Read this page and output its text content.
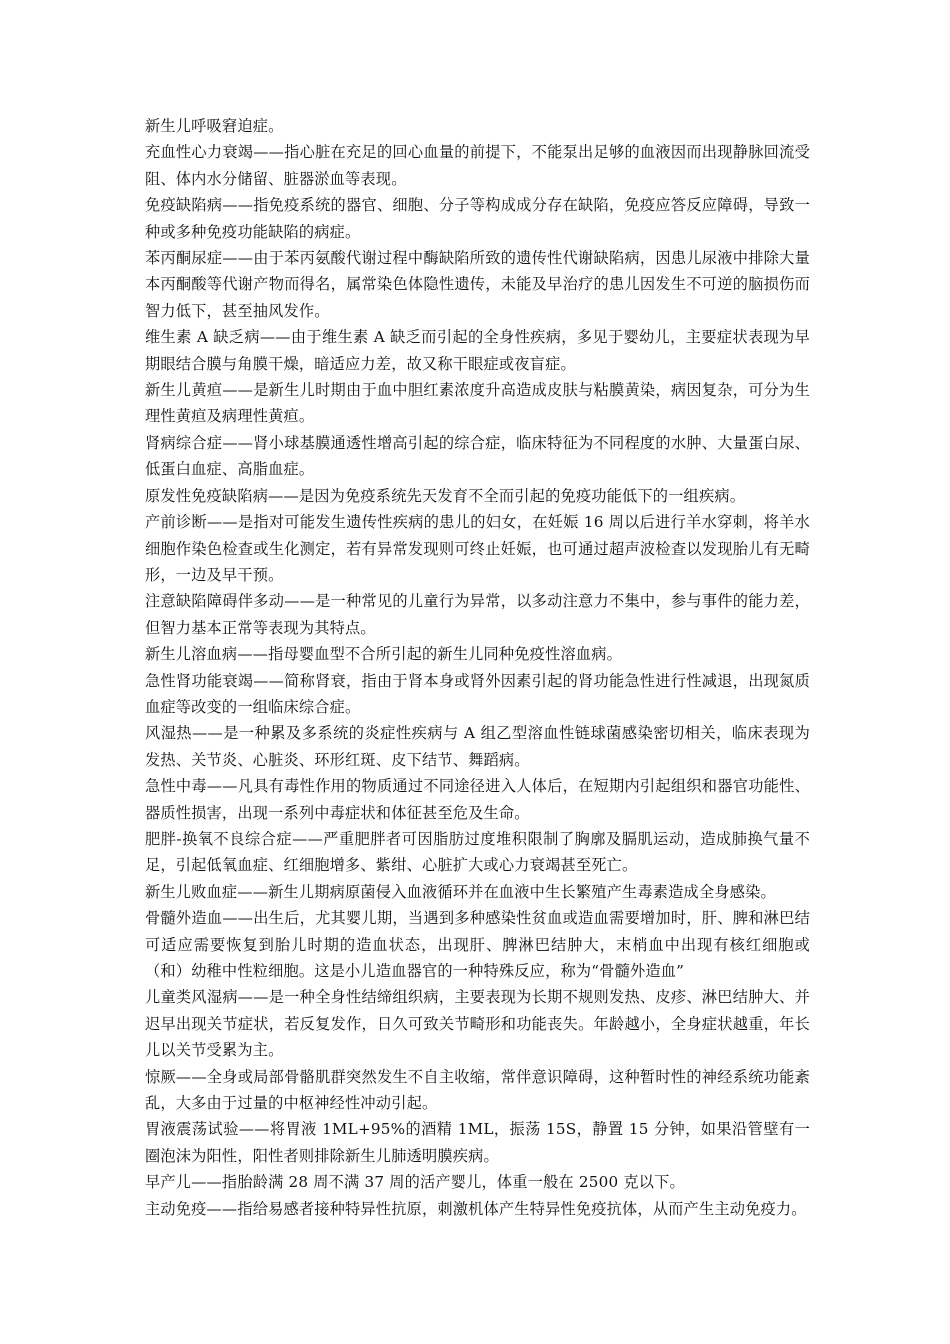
新生儿呼吸窘迫症。

充血性心力衰竭——指心脏在充足的回心血量的前提下，不能泵出足够的血液因而出现静脉回流受阻、体内水分储留、脏器淤血等表现。

免疫缺陷病——指免疫系统的器官、细胞、分子等构成成分存在缺陷，免疫应答反应障碍，导致一种或多种免疫功能缺陷的病症。

苯丙酮尿症——由于苯丙氨酸代谢过程中酶缺陷所致的遗传性代谢缺陷病，因患儿尿液中排除大量本丙酮酸等代谢产物而得名，属常染色体隐性遗传，未能及早治疗的患儿因发生不可逆的脑损伤而智力低下，甚至抽风发作。

维生素 A 缺乏病——由于维生素 A 缺乏而引起的全身性疾病，多见于婴幼儿，主要症状表现为早期眼结合膜与角膜干燥，暗适应力差，故又称干眼症或夜盲症。

新生儿黄疸——是新生儿时期由于血中胆红素浓度升高造成皮肤与粘膜黄染，病因复杂，可分为生理性黄疸及病理性黄疸。

肾病综合症——肾小球基膜通透性增高引起的综合症，临床特征为不同程度的水肿、大量蛋白尿、低蛋白血症、高脂血症。

原发性免疫缺陷病——是因为免疫系统先天发育不全而引起的免疫功能低下的一组疾病。

产前诊断——是指对可能发生遗传性疾病的患儿的妇女，在妊娠 16 周以后进行羊水穿刺，将羊水细胞作染色检查或生化测定，若有异常发现则可终止妊娠，也可通过超声波检查以发现胎儿有无畸形，一边及早干预。

注意缺陷障碍伴多动——是一种常见的儿童行为异常，以多动注意力不集中，参与事件的能力差，但智力基本正常等表现为其特点。

新生儿溶血病——指母婴血型不合所引起的新生儿同种免疫性溶血病。

急性肾功能衰竭——简称肾衰，指由于肾本身或肾外因素引起的肾功能急性进行性减退，出现氮质血症等改变的一组临床综合症。

风湿热——是一种累及多系统的炎症性疾病与 A 组乙型溶血性链球菌感染密切相关，临床表现为发热、关节炎、心脏炎、环形红斑、皮下结节、舞蹈病。

急性中毒——凡具有毒性作用的物质通过不同途径进入人体后，在短期内引起组织和器官功能性、器质性损害，出现一系列中毒症状和体征甚至危及生命。

肥胖-换氧不良综合症——严重肥胖者可因脂肪过度堆积限制了胸廓及膈肌运动，造成肺换气量不足，引起低氧血症、红细胞增多、紫绀、心脏扩大或心力衰竭甚至死亡。

新生儿败血症——新生儿期病原菌侵入血液循环并在血液中生长繁殖产生毒素造成全身感染。

骨髓外造血——出生后，尤其婴儿期，当遇到多种感染性贫血或造血需要增加时，肝、脾和淋巴结可适应需要恢复到胎儿时期的造血状态，出现肝、脾淋巴结肿大，末梢血中出现有核红细胞或（和）幼稚中性粒细胞。这是小儿造血器官的一种特殊反应，称为“骨髓外造血”

儿童类风湿病——是一种全身性结缔组织病，主要表现为长期不规则发热、皮疹、淋巴结肿大、并迟早出现关节症状，若反复发作，日久可致关节畸形和功能丧失。年龄越小，全身症状越重，年长儿以关节受累为主。

惊厥——全身或局部骨骼肌群突然发生不自主收缩，常伴意识障碍，这种暂时性的神经系统功能紊乱，大多由于过量的中枢神经性冲动引起。

胃液震荡试验——将胃液 1ML+95%的酒精 1ML，振荡 15S，静置 15 分钟，如果沿管壁有一圈泡沫为阳性，阳性者则排除新生儿肺透明膜疾病。

早产儿——指胎龄满 28 周不满 37 周的活产婴儿，体重一般在 2500 克以下。

主动免疫——指给易感者接种特异性抗原，刺激机体产生特异性免疫抗体，从而产生主动免疫力。
